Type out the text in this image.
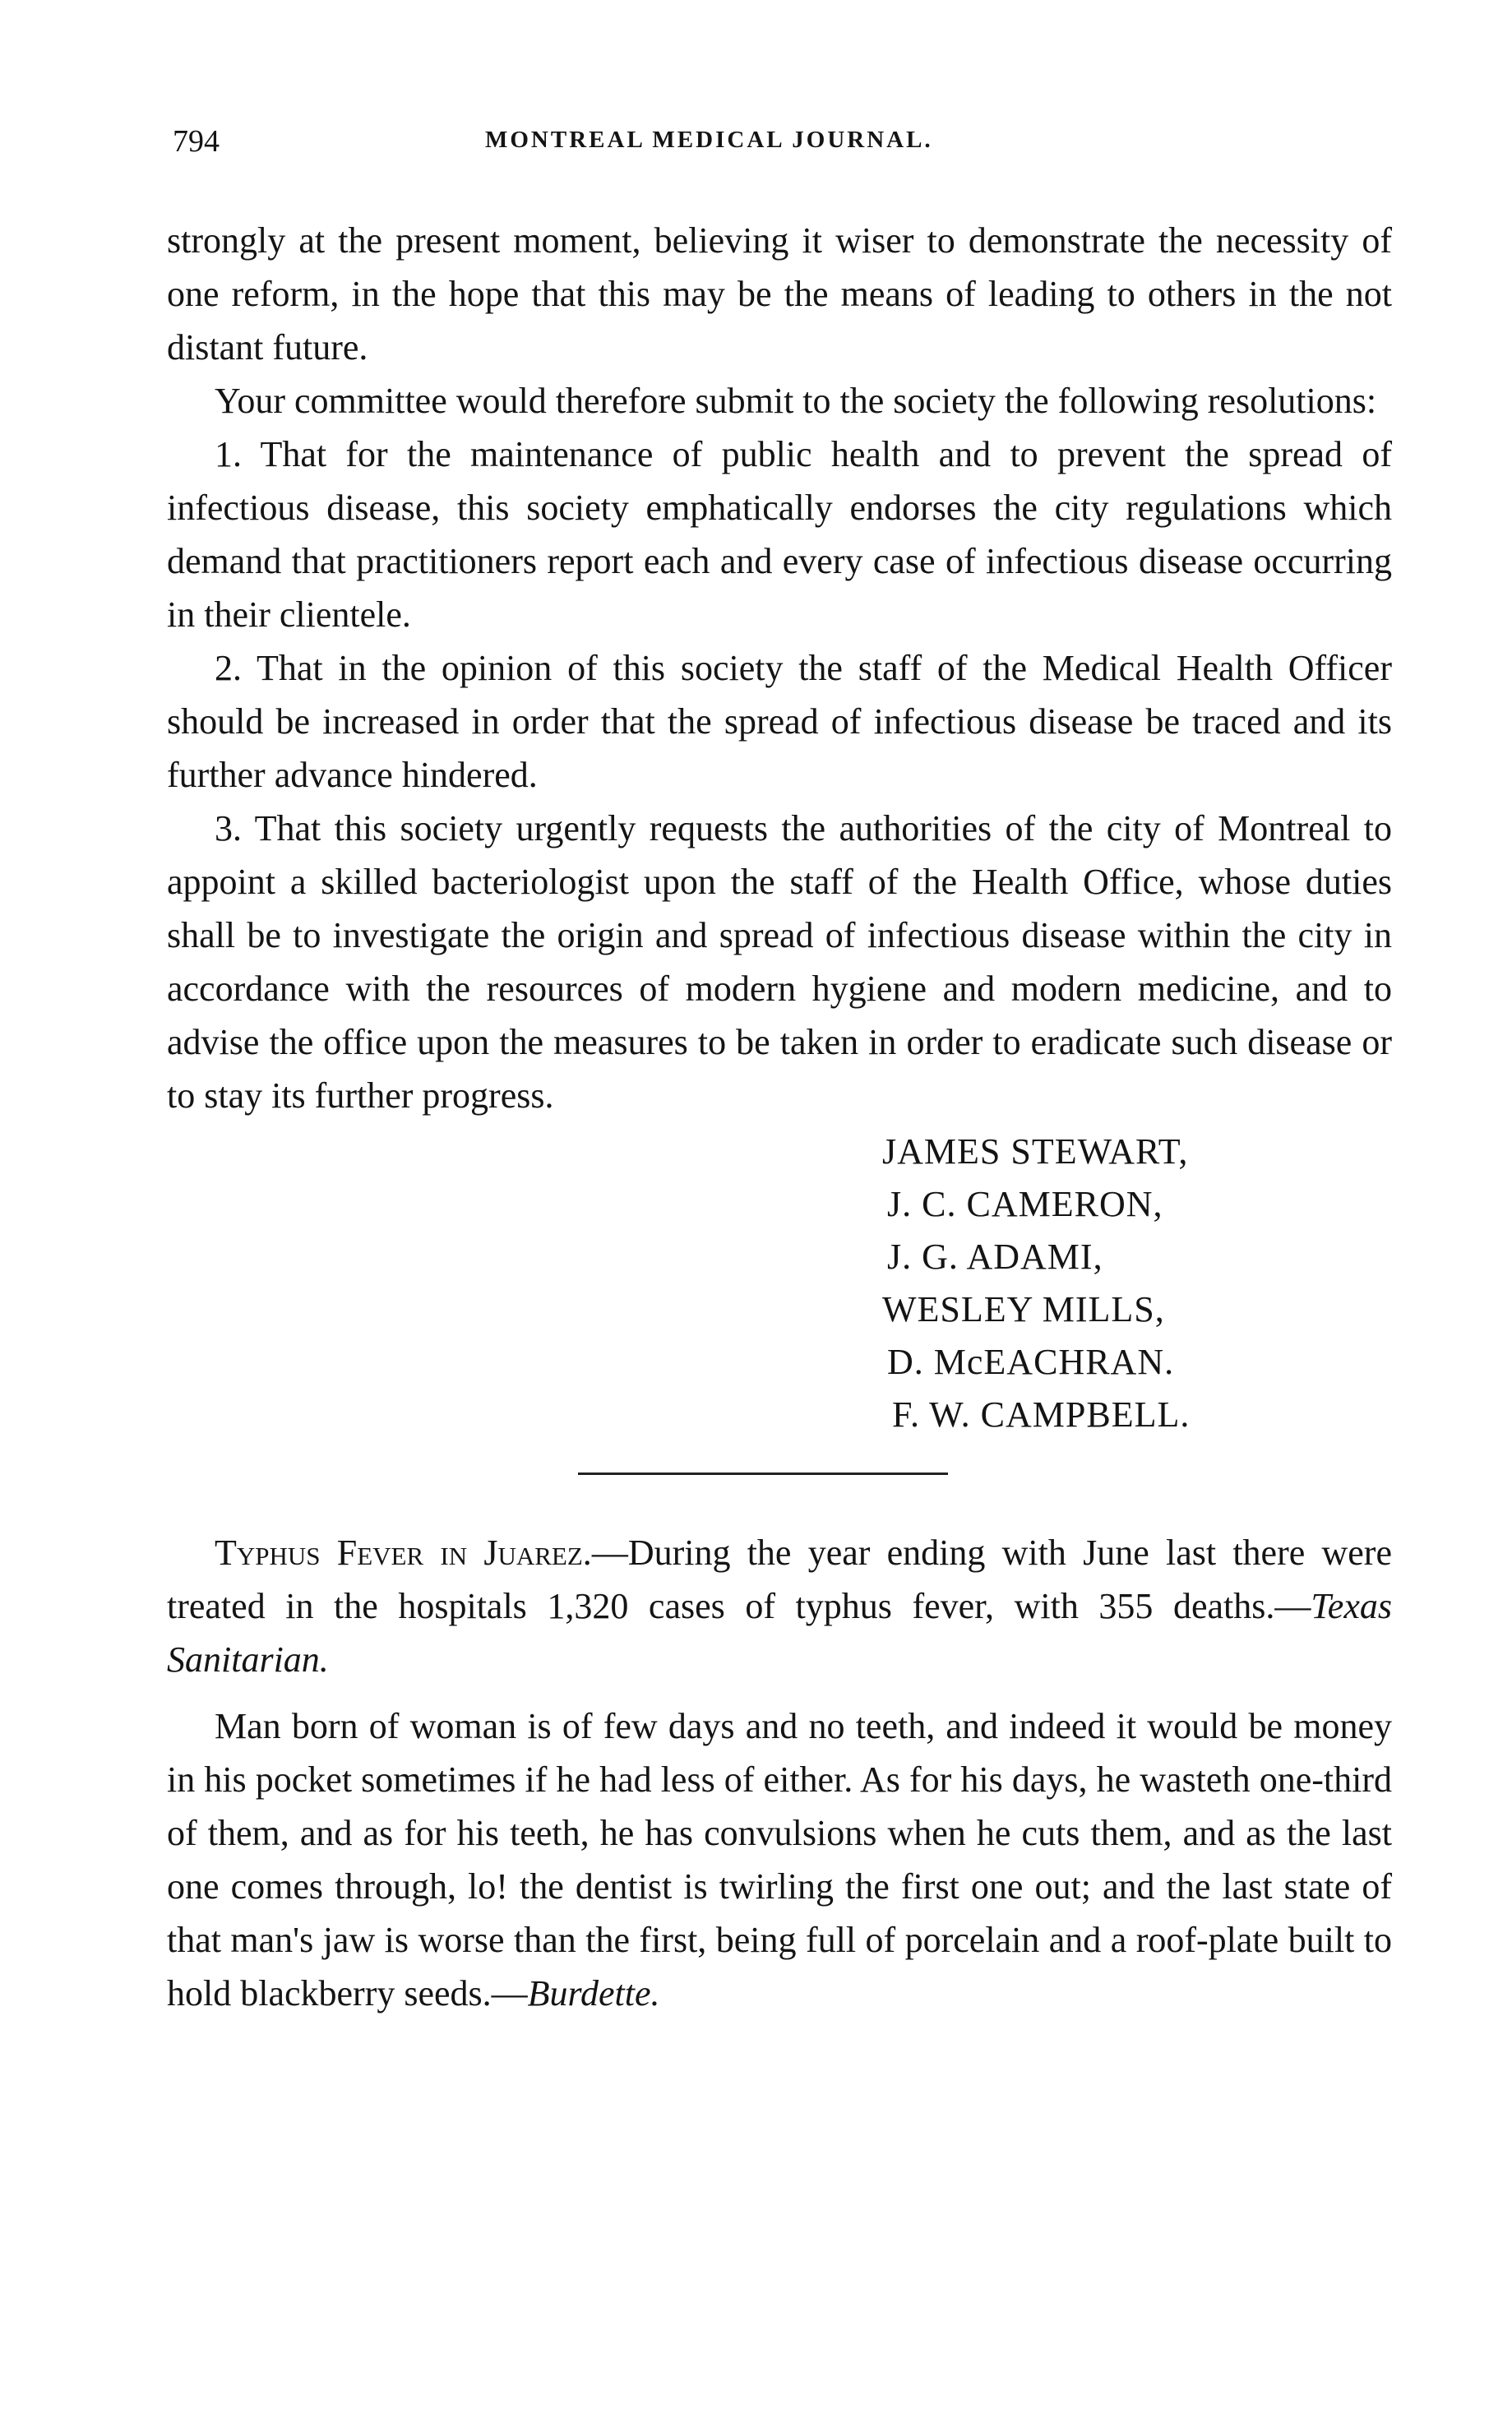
794	MONTREAL MEDICAL JOURNAL.

strongly at the present moment, believing it wiser to demonstrate the necessity of one reform, in the hope that this may be the means of leading to others in the not distant future.

Your committee would therefore submit to the society the following resolutions:

1. That for the maintenance of public health and to prevent the spread of infectious disease, this society emphatically endorses the city regulations which demand that practitioners report each and every case of infectious disease occurring in their clientele.

2. That in the opinion of this society the staff of the Medical Health Officer should be increased in order that the spread of infectious disease be traced and its further advance hindered.

3. That this society urgently requests the authorities of the city of Montreal to appoint a skilled bacteriologist upon the staff of the Health Office, whose duties shall be to investigate the origin and spread of infectious disease within the city in accordance with the resources of modern hygiene and modern medicine, and to advise the office upon the measures to be taken in order to eradicate such disease or to stay its further progress.

JAMES STEWART,
J. C. CAMERON,
J. G. ADAMI,
WESLEY MILLS,
D. McEACHRAN.
F. W. CAMPBELL.

Typhus Fever in Juarez.—During the year ending with June last there were treated in the hospitals 1,320 cases of typhus fever, with 355 deaths.—Texas Sanitarian.

Man born of woman is of few days and no teeth, and indeed it would be money in his pocket sometimes if he had less of either. As for his days, he wasteth one-third of them, and as for his teeth, he has convulsions when he cuts them, and as the last one comes through, lo! the dentist is twirling the first one out; and the last state of that man's jaw is worse than the first, being full of porcelain and a roof-plate built to hold blackberry seeds.—Burdette.
